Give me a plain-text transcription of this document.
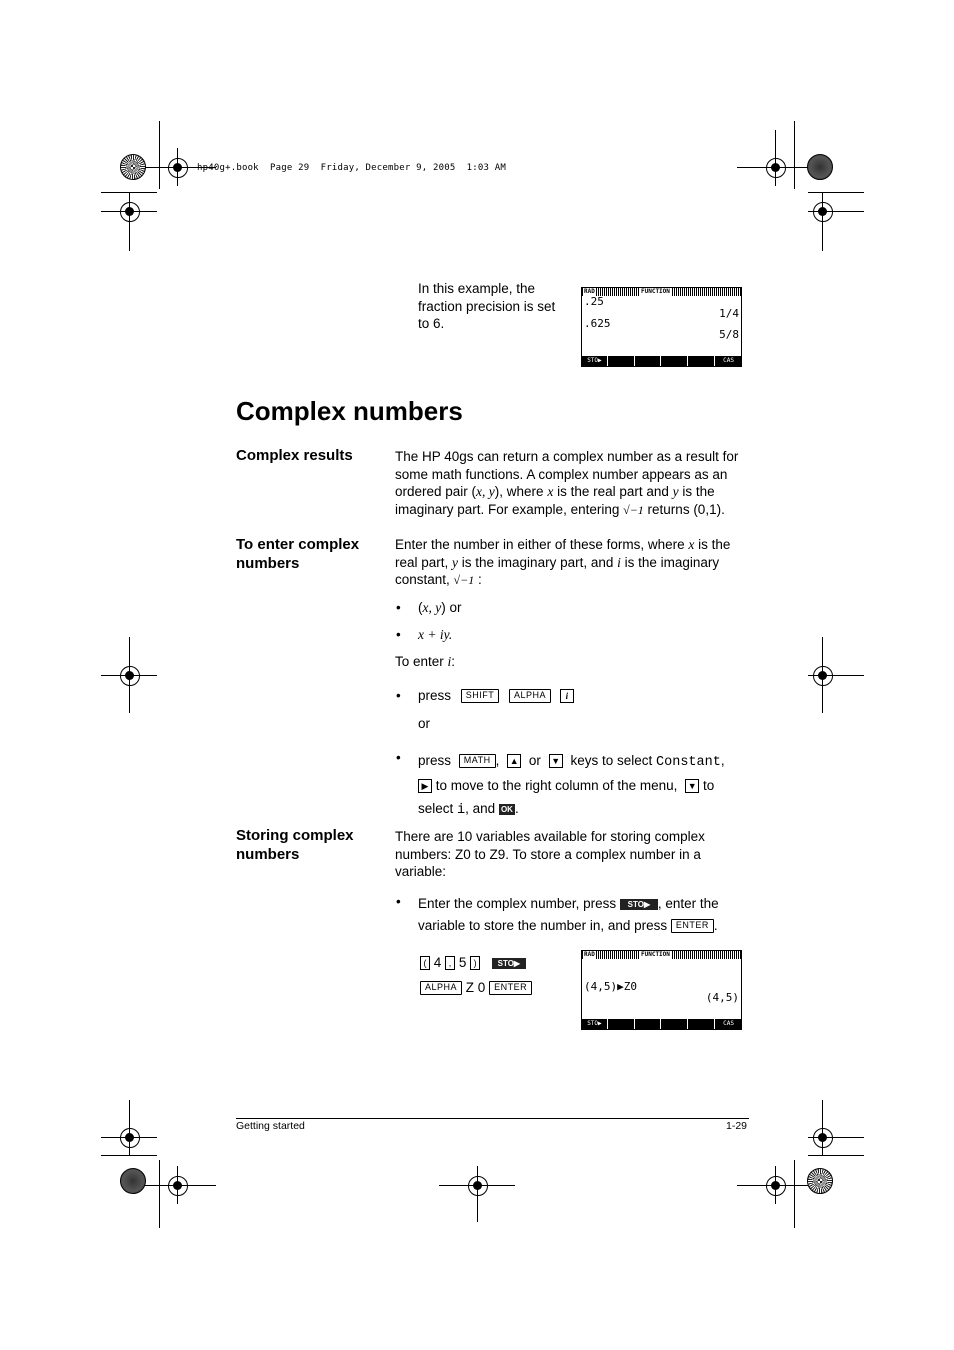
hp40g+.book  Page 29  Friday, December 9, 2005  1:03 AM
In this example, the fraction precision is set to 6.
RAD	FUNCTION
.25
1/4
.625
5/8
STO▶	CAS
Complex numbers
Complex results	The HP 40gs can return a complex number as a result for some math functions. A complex number appears as an ordered pair (x, y), where x is the real part and y is the imaginary part. For example, entering √−1 returns (0,1).
To enter complex numbers
Enter the number in either of these forms, where x is the real part, y is the imaginary part, and i is the imaginary constant, √−1 :
• (x, y) or
• x + iy.
To enter i:
• press SHIFT ALPHA i
or
• press MATH , ▲ or ▼ keys to select Constant,
▶ to move to the right column of the menu, ▼ to
select i, and OK .
Storing complex numbers
There are 10 variables available for storing complex numbers: Z0 to Z9. To store a complex number in a variable:
• Enter the complex number, press STO▶ , enter the variable to store the number in, and press ENTER .
( 4 , 5 )	STO▶
ALPHA Z 0 ENTER
RAD	FUNCTION
(4,5)▶Z0
(4,5)
STO▶	CAS
Getting started	1-29
